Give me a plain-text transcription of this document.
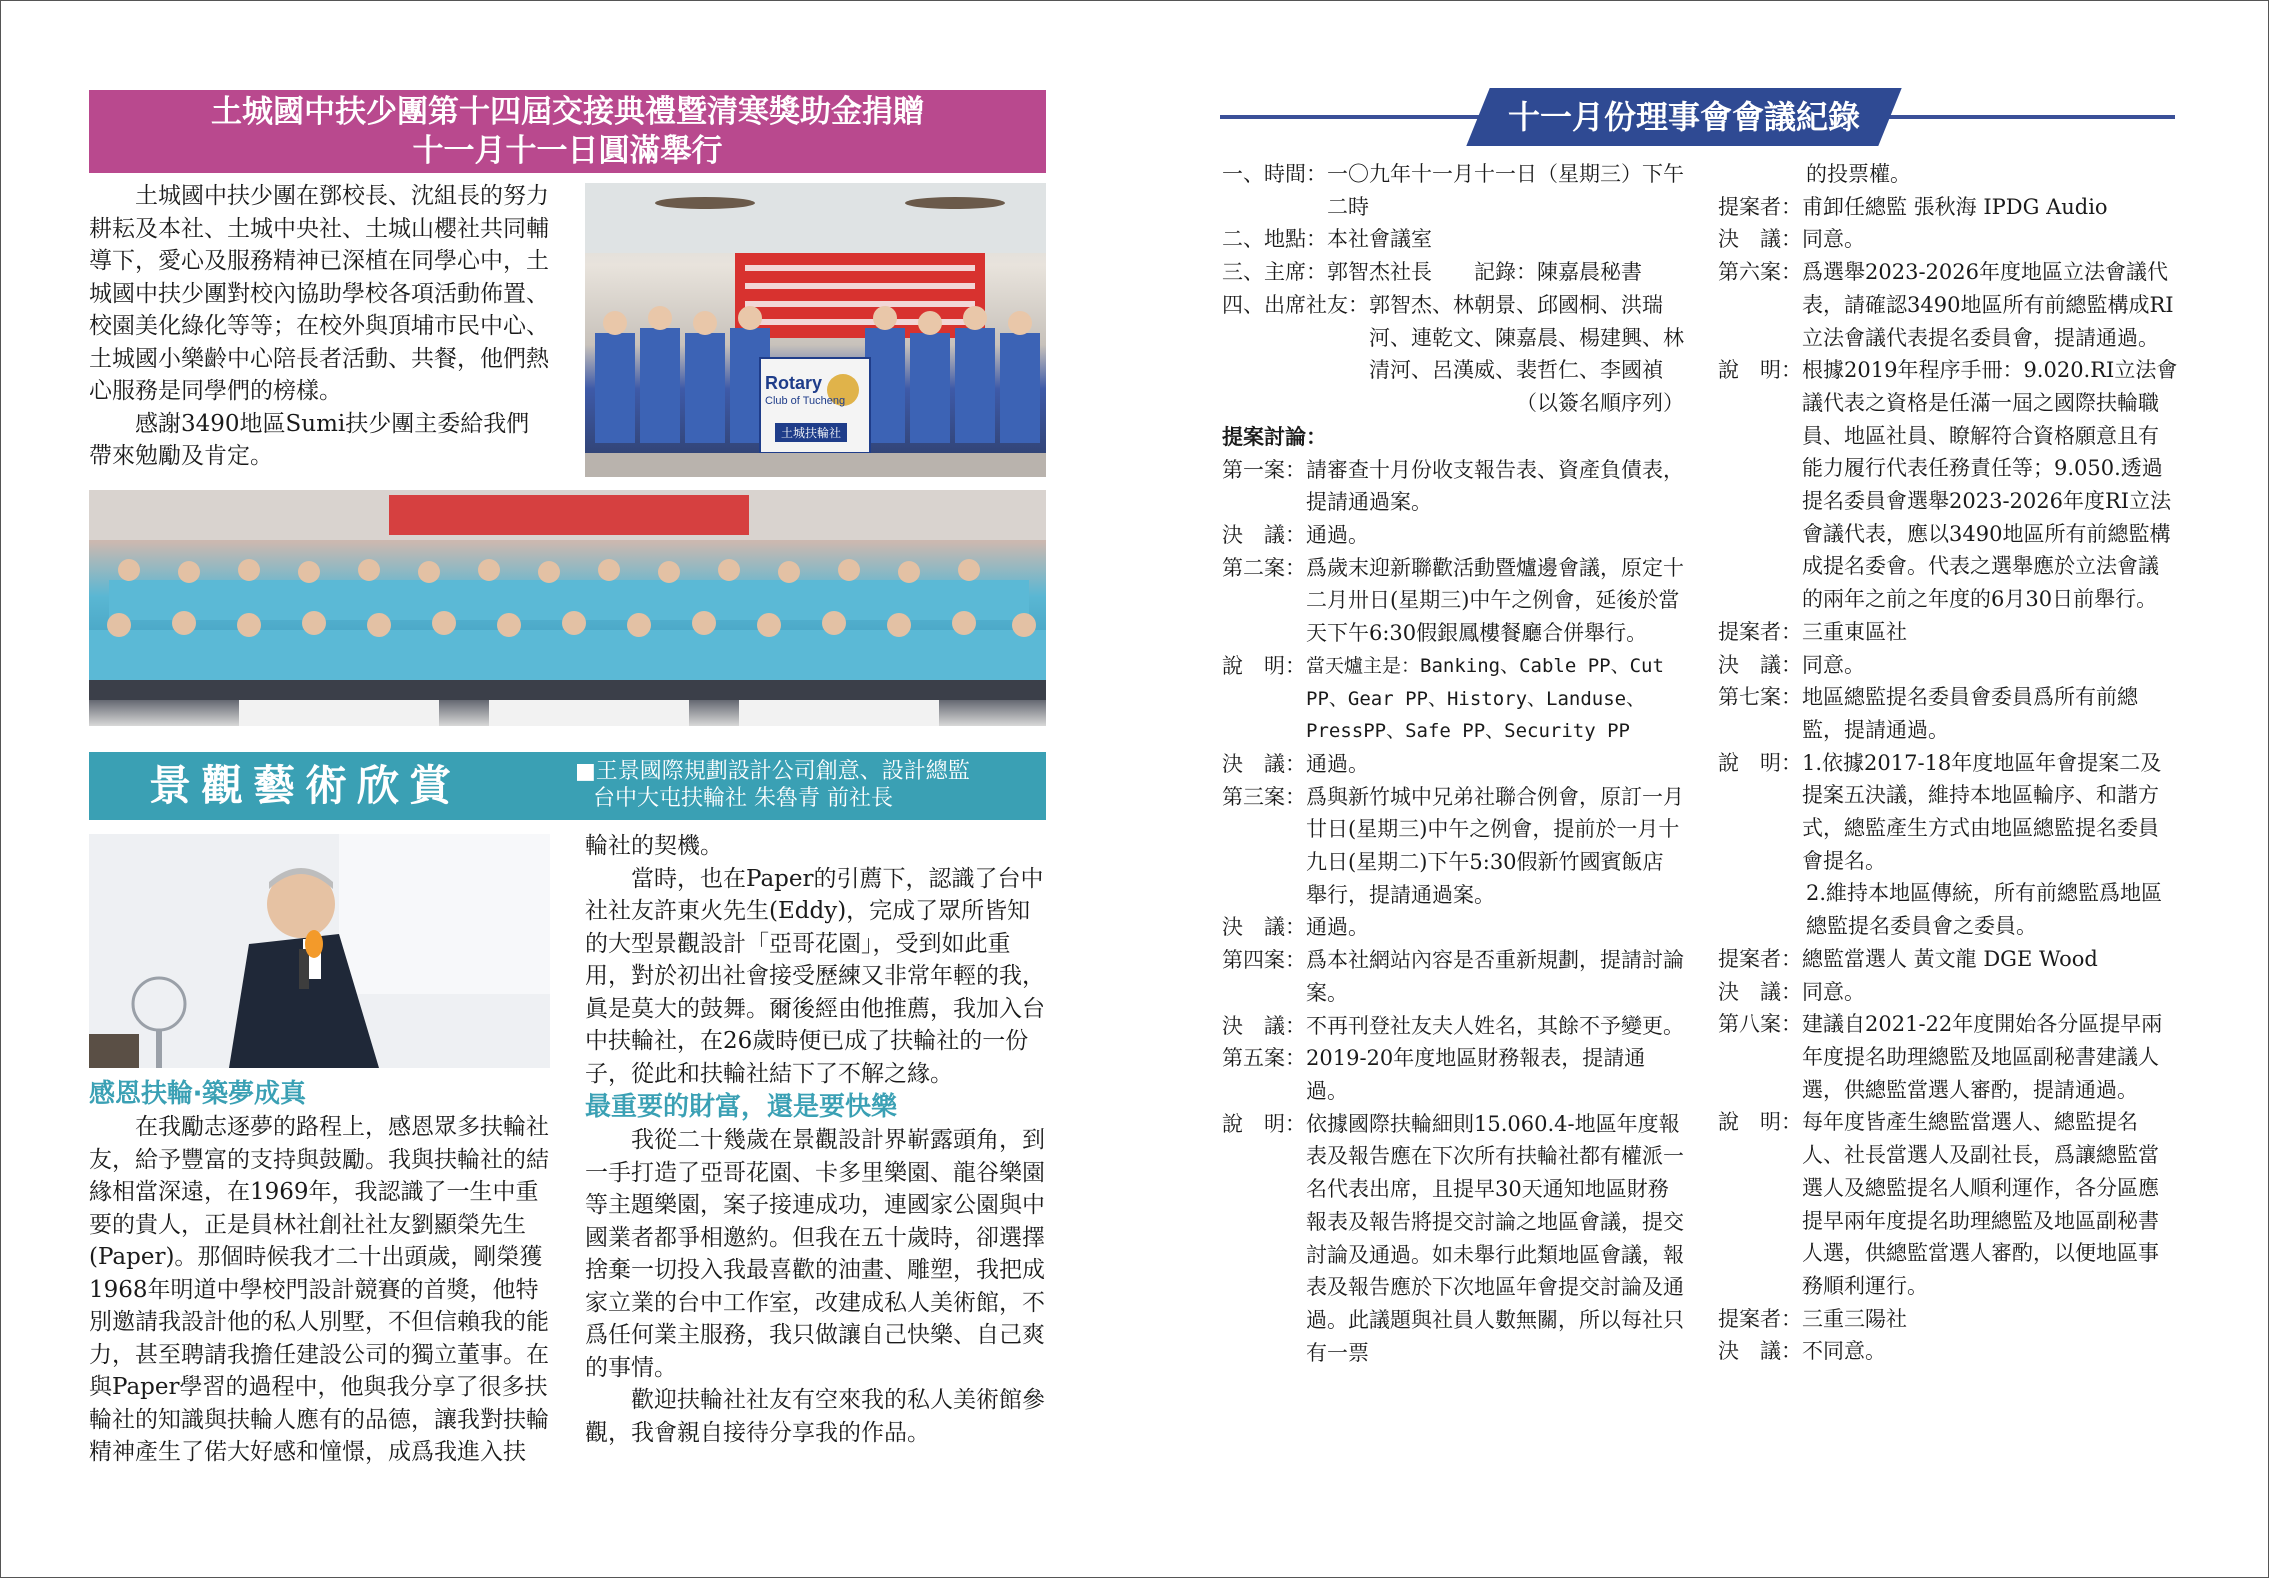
土城國中扶少團第十四屆交接典禮暨清寒獎助金捐贈
十一月十一日圓滿舉行

土城國中扶少團在鄧校長、沈組長的努力耕耘及本社、土城中央社、土城山櫻社共同輔導下，愛心及服務精神已深植在同學心中，土城國中扶少團對校內協助學校各項活動佈置、校園美化綠化等等；在校外與頂埔市民中心、土城國小樂齡中心陪長者活動、共餐，他們熱心服務是同學們的榜樣。

感謝3490地區Sumi扶少團主委給我們帶來勉勵及肯定。

Rotary
Club of Tucheng
土城扶輪社
景觀藝術欣賞	■王景國際規劃設計公司創意、設計總監
台中大屯扶輪社 朱魯青 前社長
感恩扶輪‧築夢成真

在我勵志逐夢的路程上，感恩眾多扶輪社友，給予豐富的支持與鼓勵。我與扶輪社的結緣相當深遠，在1969年，我認識了一生中重要的貴人，正是員林社創社社友劉顯榮先生(Paper)。那個時候我才二十出頭歲，剛榮獲1968年明道中學校門設計競賽的首獎，他特別邀請我設計他的私人別墅，不但信賴我的能力，甚至聘請我擔任建設公司的獨立董事。在與Paper學習的過程中，他與我分享了很多扶輪社的知識與扶輪人應有的品德，讓我對扶輪精神產生了偌大好感和憧憬，成爲我進入扶

輪社的契機。

當時，也在Paper的引薦下，認識了台中社社友許東火先生(Eddy)，完成了眾所皆知的大型景觀設計「亞哥花園」，受到如此重用，對於初出社會接受歷練又非常年輕的我，眞是莫大的鼓舞。爾後經由他推薦，我加入台中扶輪社，在26歲時便已成了扶輪社的一份子，從此和扶輪社結下了不解之緣。

最重要的財富，還是要快樂

我從二十幾歲在景觀設計界嶄露頭角，到一手打造了亞哥花園、卡多里樂園、龍谷樂園等主題樂園，案子接連成功，連國家公園與中國業者都爭相邀約。但我在五十歲時，卻選擇捨棄一切投入我最喜歡的油畫、雕塑，我把成家立業的台中工作室，改建成私人美術館，不爲任何業主服務，我只做讓自己快樂、自己爽的事情。

歡迎扶輪社社友有空來我的私人美術館參觀，我會親自接待分享我的作品。

十一月份理事會會議紀錄
一、時間： 一〇九年十一月十一日（星期三）下午二時
二、地點： 本社會議室
三、主席： 郭智杰社長　　記錄：陳嘉晨秘書
四、出席社友： 郭智杰、林朝景、邱國桐、洪瑞河、連乾文、陳嘉晨、楊建興、林清河、呂漢威、裴哲仁、李國禎
（以簽名順序列）
提案討論：
第一案： 請審查十月份收支報告表、資產負債表，提請通過案。
決　議： 通過。
第二案： 爲歲末迎新聯歡活動暨爐邊會議，原定十二月卅日(星期三)中午之例會，延後於當天下午6:30假銀鳳樓餐廳合併舉行。
說　明： 當天爐主是：Banking、Cable PP、Cut PP、Gear PP、History、Landuse、PressPP、Safe PP、Security PP
決　議： 通過。
第三案： 爲與新竹城中兄弟社聯合例會，原訂一月廿日(星期三)中午之例會，提前於一月十九日(星期二)下午5:30假新竹國賓飯店舉行，提請通過案。
決　議： 通過。
第四案： 爲本社網站內容是否重新規劃，提請討論案。
決　議： 不再刊登社友夫人姓名，其餘不予變更。
第五案： 2019-20年度地區財務報表，提請通過。
說　明： 依據國際扶輪細則15.060.4-地區年度報表及報告應在下次所有扶輪社都有權派一名代表出席，且提早30天通知地區財務報表及報告將提交討論之地區會議，提交討論及通過。如未舉行此類地區會議，報表及報告應於下次地區年會提交討論及通過。此議題與社員人數無關，所以每社只有一票
的投票權。
提案者： 甫卸任總監 張秋海 IPDG Audio
決　議： 同意。
第六案： 爲選舉2023-2026年度地區立法會議代表，請確認3490地區所有前總監構成RI立法會議代表提名委員會，提請通過。
說　明： 根據2019年程序手冊：9.020.RI立法會議代表之資格是任滿一屆之國際扶輪職員、地區社員、瞭解符合資格願意且有能力履行代表任務責任等；9.050.透過提名委員會選舉2023-2026年度RI立法會議代表，應以3490地區所有前總監構成提名委會。代表之選舉應於立法會議的兩年之前之年度的6月30日前舉行。
提案者： 三重東區社
決　議： 同意。
第七案： 地區總監提名委員會委員爲所有前總監，提請通過。
說　明： 1.依據2017-18年度地區年會提案二及提案五決議，維持本地區輪序、和諧方式，總監產生方式由地區總監提名委員會提名。
2.維持本地區傳統，所有前總監爲地區總監提名委員會之委員。
提案者： 總監當選人 黃文龍 DGE Wood
決　議： 同意。
第八案： 建議自2021-22年度開始各分區提早兩年度提名助理總監及地區副秘書建議人選，供總監當選人審酌，提請通過。
說　明： 每年度皆產生總監當選人、總監提名人、社長當選人及副社長，爲讓總監當選人及總監提名人順利運作，各分區應提早兩年度提名助理總監及地區副秘書人選，供總監當選人審酌，以便地區事務順利運行。
提案者： 三重三陽社
決　議： 不同意。
